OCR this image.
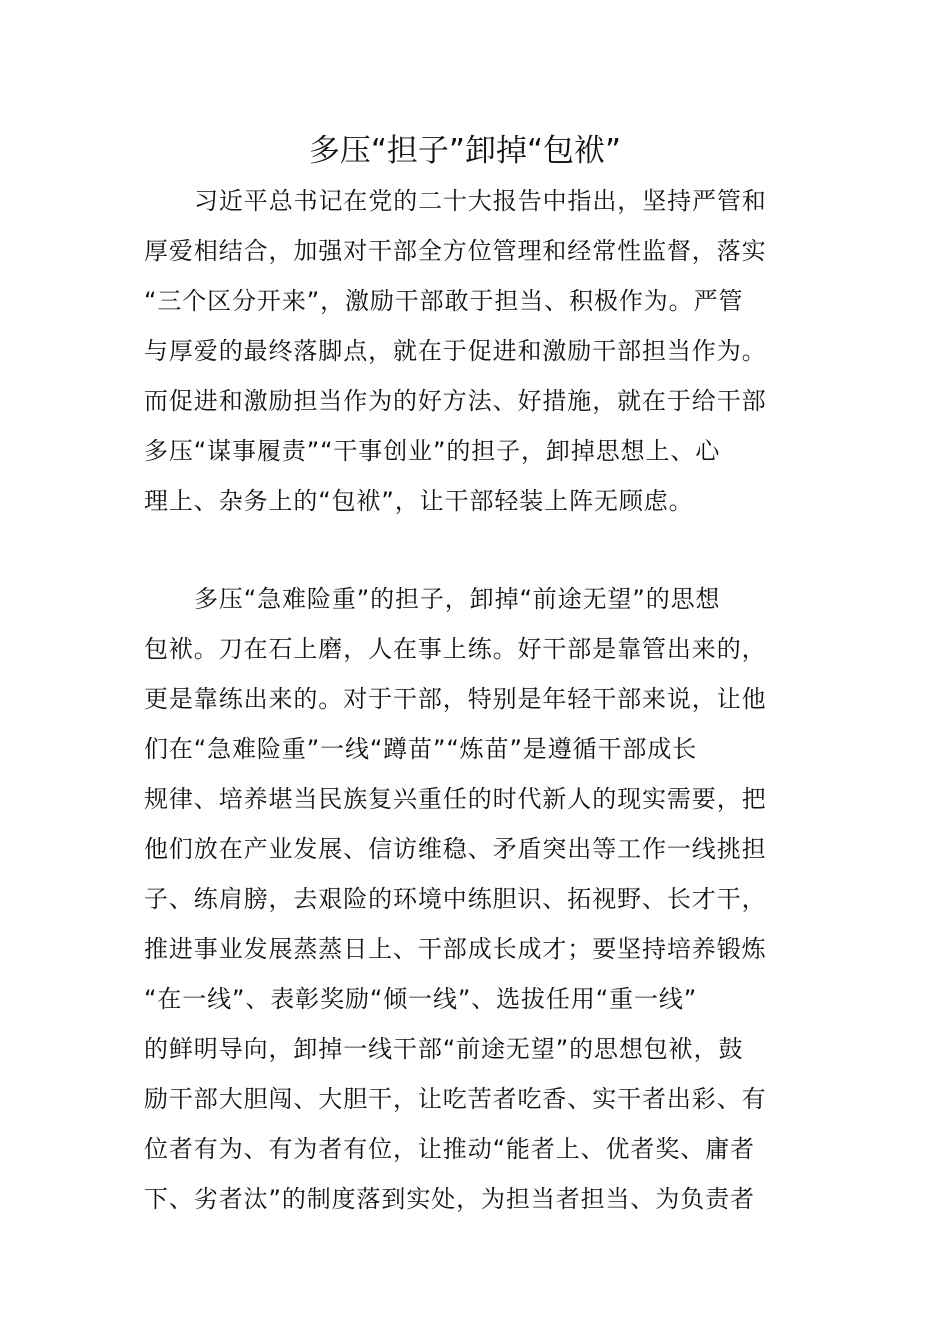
多压“担子”卸掉“包袱”
习近平总书记在党的二十大报告中指出，坚持严管和
厚爱相结合，加强对干部全方位管理和经常性监督，落实
“三个区分开来”，激励干部敢于担当、积极作为。严管
与厚爱的最终落脚点，就在于促进和激励干部担当作为。
而促进和激励担当作为的好方法、好措施，就在于给干部
多压“谋事履责”“干事创业”的担子，卸掉思想上、心
理上、杂务上的“包袱”，让干部轻装上阵无顾虑。
多压“急难险重”的担子，卸掉“前途无望”的思想
包袱。刀在石上磨，人在事上练。好干部是靠管出来的，
更是靠练出来的。对于干部，特别是年轻干部来说，让他
们在“急难险重”一线“蹲苗”“炼苗”是遵循干部成长
规律、培养堪当民族复兴重任的时代新人的现实需要，把
他们放在产业发展、信访维稳、矛盾突出等工作一线挑担
子、练肩膀，去艰险的环境中练胆识、拓视野、长才干，
推进事业发展蒸蒸日上、干部成长成才；要坚持培养锻炼
“在一线”、表彰奖励“倾一线”、选拔任用“重一线”
的鲜明导向，卸掉一线干部“前途无望”的思想包袱，鼓
励干部大胆闯、大胆干，让吃苦者吃香、实干者出彩、有
位者有为、有为者有位，让推动“能者上、优者奖、庸者
下、劣者汰”的制度落到实处，为担当者担当、为负责者
